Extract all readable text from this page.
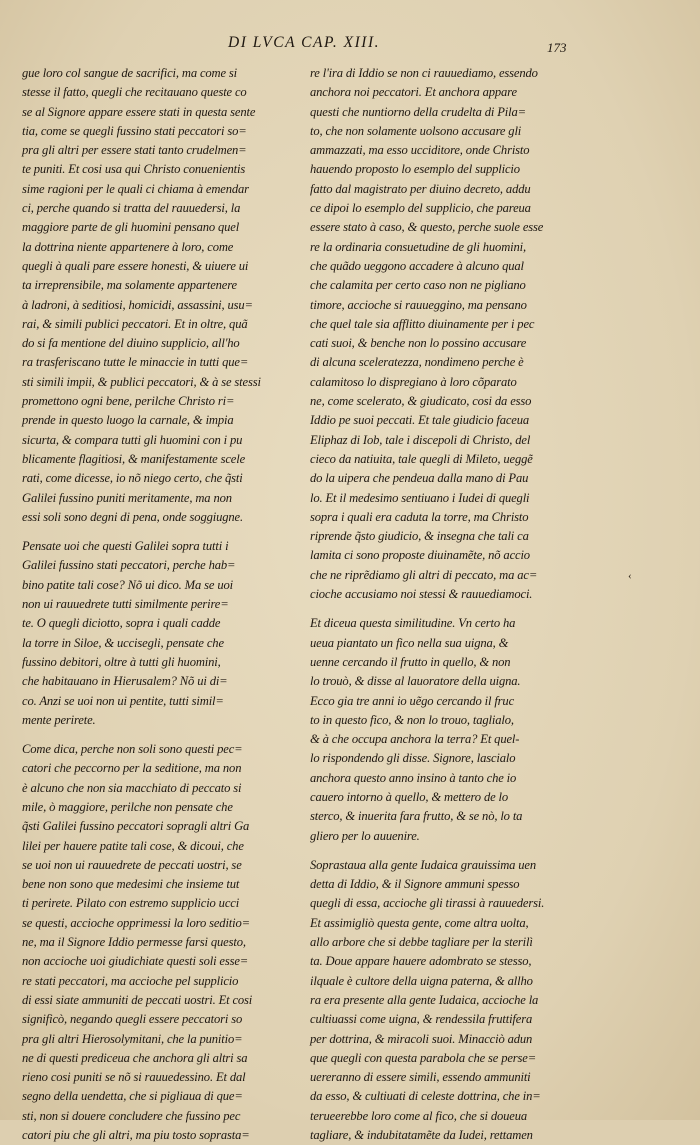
DI LVCA CAP. XIII.	173
gue loro col sangue de sacrifici, ma come si
stesse il fatto, quegli che recitauano queste co
se al Signore appare essere stati in questa sente
tia, come se quegli fussino stati peccatori so=
pra gli altri per essere stati tanto crudelmen=
te puniti. Et cosi usa qui Christo conuenientis
sime ragioni per le quali ci chiama à emendar
ci, perche quando si tratta del rauuedersi, la
maggiore parte de gli huomini pensano quel
la dottrina niente appartenere à loro, come
quegli à quali pare essere honesti, & uiuere ui
ta irreprensibile, ma solamente appartenere
à ladroni, à seditiosi, homicidi, assassini, usu=
rai, & simili publici peccatori. Et in oltre, quã
do si fa mentione del diuino supplicio, all'ho
ra trasferiscano tutte le minaccie in tutti que=
sti simili impii, & publici peccatori, & à se stessi
promettono ogni bene, perilche Christo ri=
prende in questo luogo la carnale, & impia
sicurta, & compara tutti gli huomini con i pu
blicamente flagitiosi, & manifestamente scele
rati, come dicesse, io nõ niego certo, che q̃sti
Galilei fussino puniti meritamente, ma non
essi soli sono degni di pena, onde soggiugne.
Pensate uoi che questi Galilei sopra tutti i
Galilei fussino stati peccatori, perche hab=
bino patite tali cose? Nõ ui dico. Ma se uoi
non ui rauuedrete tutti similmente perire=
te. O quegli diciotto, sopra i quali cadde
la torre in Siloe, & uccisegli, pensate che
fussino debitori, oltre à tutti gli huomini,
che habitauano in Hierusalem? Nõ ui di=
co. Anzi se uoi non ui pentite, tutti simil=
mente perirete.
Come dica, perche non soli sono questi pec=
catori che peccorno per la seditione, ma non
è alcuno che non sia macchiato di peccato si
mile, ò maggiore, perilche non pensate che
q̃sti Galilei fussino peccatori sopragli altri Ga
lilei per hauere patite tali cose, & dicoui, che
se uoi non ui rauuedrete de peccati uostri, se
bene non sono que medesimi che insieme tut
ti perirete. Pilato con estremo supplicio ucci
se questi, accioche opprimessi la loro seditio=
ne, ma il Signore Iddio permesse farsi questo,
non accioche uoi giudichiate questi soli esse=
re stati peccatori, ma accioche pel supplicio
di essi siate ammuniti de peccati uostri. Et cosi
significò, negando quegli essere peccatori so
pra gli altri Hierosolymitani, che la punitio=
ne di questi prediceua che anchora gli altri sa
rieno cosi puniti se nõ si rauuedessino. Et dal
segno della uendetta, che si pigliaua di que=
sti, non si douere concludere che fussino pec
catori piu che gli altri, ma piu tosto soprasta=
re l'ira di Iddio se non ci rauuediamo, essendo
anchora noi peccatori. Et anchora appare
questi che nuntiorno della crudelta di Pila=
to, che non solamente uolsono accusare gli
ammazzati, ma esso ucciditore, onde Christo
hauendo proposto lo esemplo del supplicio
fatto dal magistrato per diuino decreto, addu
ce dipoi lo esemplo del supplicio, che pareua
essere stato à caso, & questo, perche suole esse
re la ordinaria consuetudine de gli huomini,
che quãdo ueggono accadere à alcuno qual
che calamita per certo caso non ne pigliano
timore, accioche si rauueggino, ma pensano
che quel tale sia afflitto diuinamente per i pec
cati suoi, & benche non lo possino accusare
di alcuna sceleratezza, nondimeno perche è
calamitoso lo dispregiano à loro cõparato
ne, come scelerato, & giudicato, cosi da esso
Iddio pe suoi peccati. Et tale giudicio faceua
Eliphaz di Iob, tale i discepoli di Christo, del
cieco da natiuita, tale quegli di Mileto, ueggẽ
do la uipera che pendeua dalla mano di Pau
lo. Et il medesimo sentiuano i Iudei di quegli
sopra i quali era caduta la torre, ma Christo
riprende q̃sto giudicio, & insegna che tali ca
lamita ci sono proposte diuinamẽte, nõ accio
che ne riprẽdiamo gli altri di peccato, ma ac=
cioche accusiamo noi stessi & rauuediamoci.
Et diceua questa similitudine. Vn certo ha
ueua piantato un fico nella sua uigna, &
uenne cercando il frutto in quello, & non
lo trouò, & disse al lauoratore della uigna.
Ecco gia tre anni io uẽgo cercando il fruc
to in questo fico, & non lo trouo, taglialo,
& à che occupa anchora la terra? Et quel-
lo rispondendo gli disse. Signore, lascialo
anchora questo anno insino à tanto che io
cauero intorno à quello, & mettero de lo
sterco, & inuerita fara frutto, & se nò, lo ta
gliero per lo auuenire.
Soprastaua alla gente Iudaica grauissima uen
detta di Iddio, & il Signore ammuni spesso
quegli di essa, accioche gli tirassi à rauuedersi.
Et assimigliò questa gente, come altra uolta,
allo arbore che si debbe tagliare per la sterilì
ta. Doue appare hauere adombrato se stesso,
ilquale è cultore della uigna paterna, & allho
ra era presente alla gente Iudaica, accioche la
cultiuassi come uigna, & rendessila fruttifera
per dottrina, & miracoli suoi. Minacciò adun
que quegli con questa parabola che se perse=
uereranno di essere simili, essendo ammuniti
da esso, & cultiuati di celeste dottrina, che in=
terueerebbe loro come al fico, che si doueua
tagliare, & indubitatamẽte da Iudei, rettamen
‹
